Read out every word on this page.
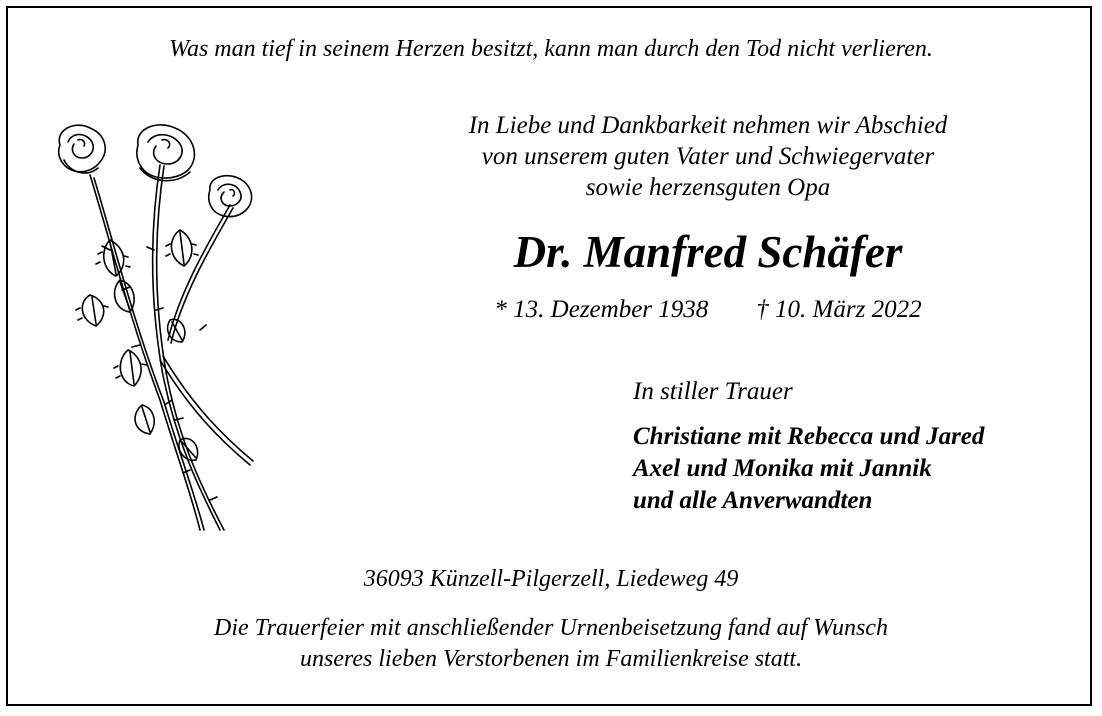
Was man tief in seinem Herzen besitzt, kann man durch den Tod nicht verlieren.
In Liebe und Dankbarkeit nehmen wir Abschied
von unserem guten Vater und Schwiegervater
sowie herzensguten Opa
Dr. Manfred Schäfer
* 13. Dezember 1938 † 10. März 2022
In stiller Trauer
Christiane mit Rebecca und Jared
Axel und Monika mit Jannik
und alle Anverwandten
36093 Künzell-Pilgerzell, Liedeweg 49
Die Trauerfeier mit anschließender Urnenbeisetzung fand auf Wunsch
unseres lieben Verstorbenen im Familienkreise statt.
